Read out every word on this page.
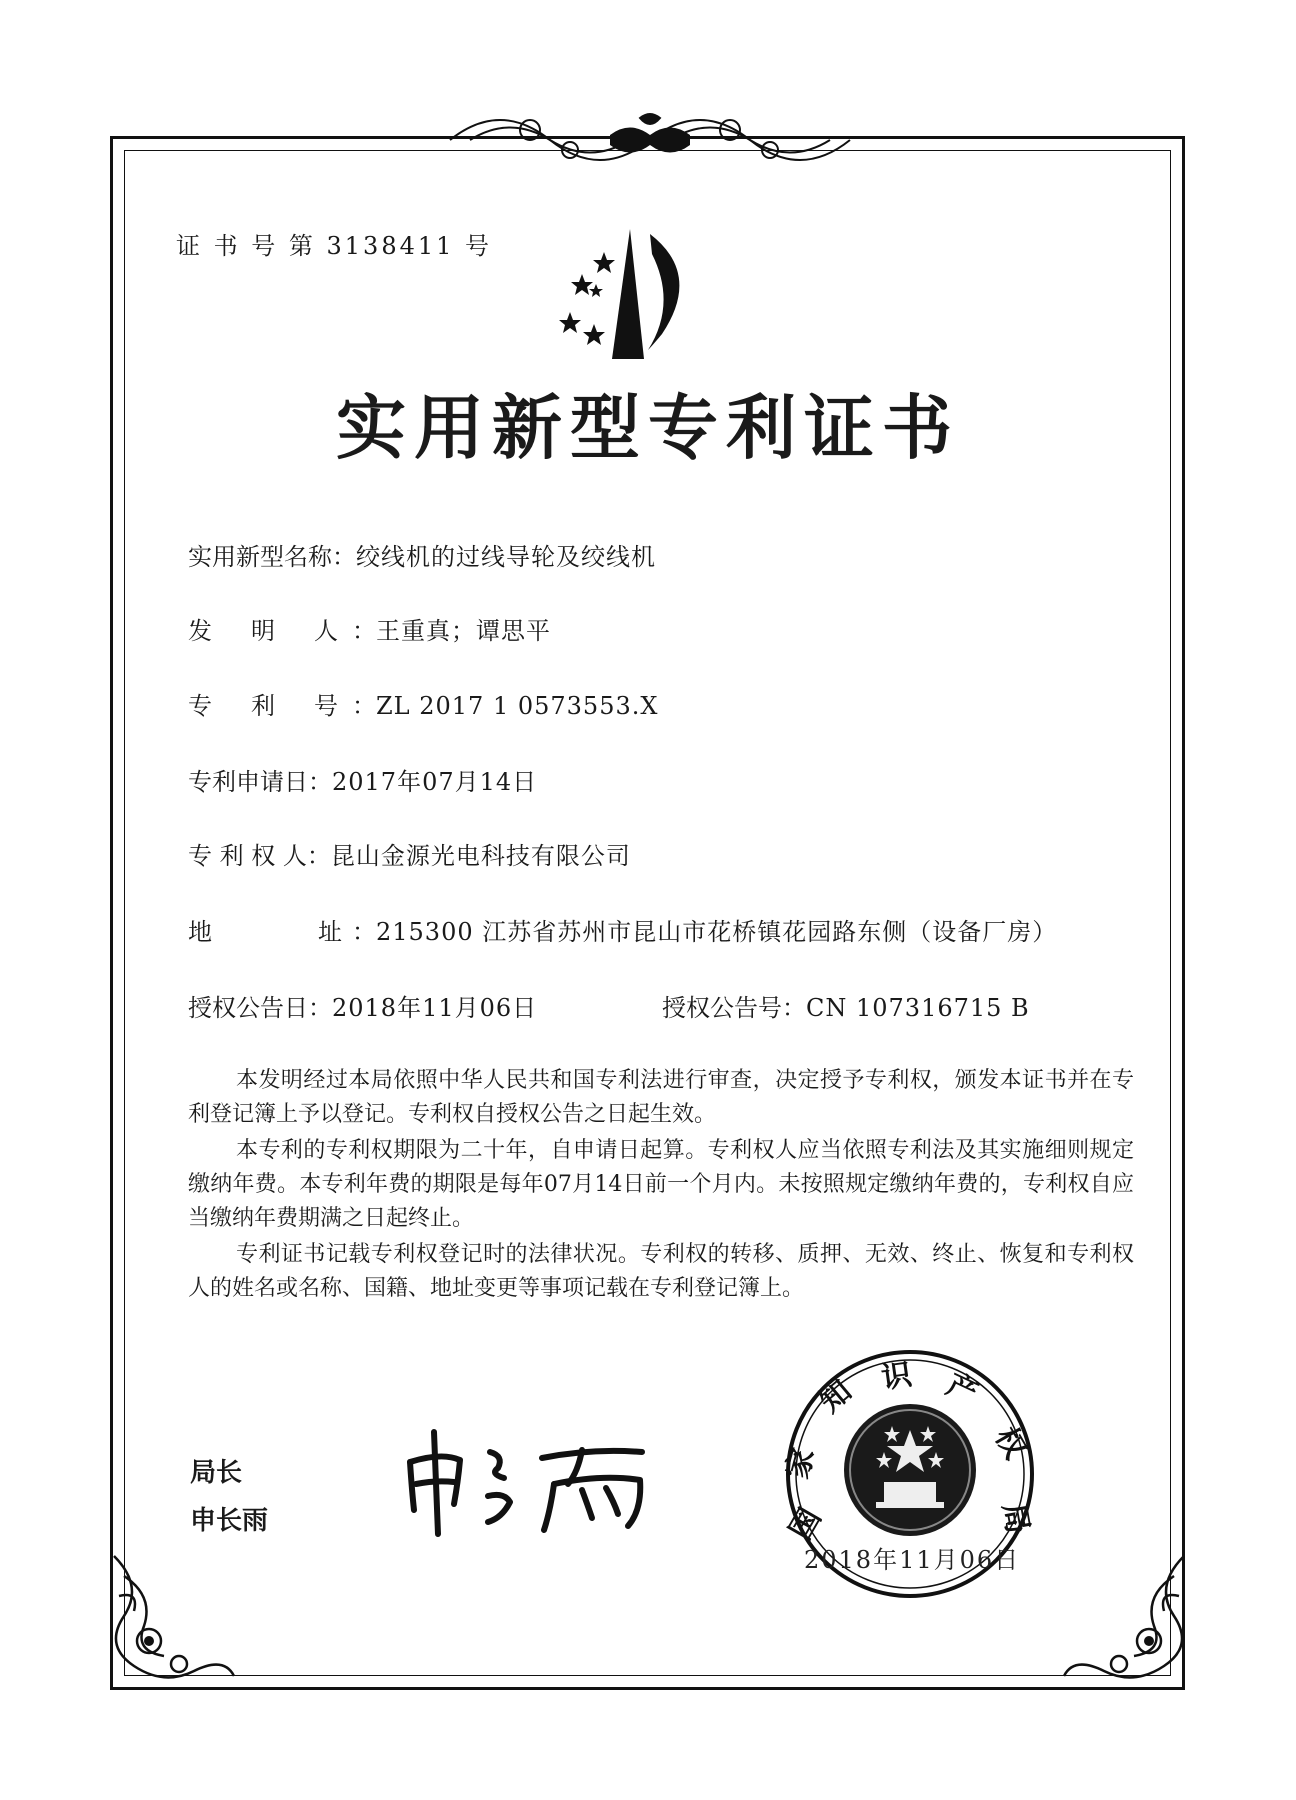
证 书 号 第 3138411 号
实用新型专利证书
实用新型名称：绞线机的过线导轮及绞线机
发 明 人 ：王重真；谭思平
专 利 号 ：ZL 2017 1 0573553.X
专利申请日：2017年07月14日
专 利 权 人：昆山金源光电科技有限公司
地	址 ：215300 江苏省苏州市昆山市花桥镇花园路东侧（设备厂房）
授权公告日：2018年11月06日	授权公告号：CN 107316715 B

本发明经过本局依照中华人民共和国专利法进行审查，决定授予专利权，颁发本证书并在专利登记簿上予以登记。专利权自授权公告之日起生效。

本专利的专利权期限为二十年，自申请日起算。专利权人应当依照专利法及其实施细则规定缴纳年费。本专利年费的期限是每年07月14日前一个月内。未按照规定缴纳年费的，专利权自应当缴纳年费期满之日起终止。

专利证书记载专利权登记时的法律状况。专利权的转移、质押、无效、终止、恢复和专利权人的姓名或名称、国籍、地址变更等事项记载在专利登记簿上。

局长
申长雨	国
家
知 识 产
权
局
2018年11月06日
